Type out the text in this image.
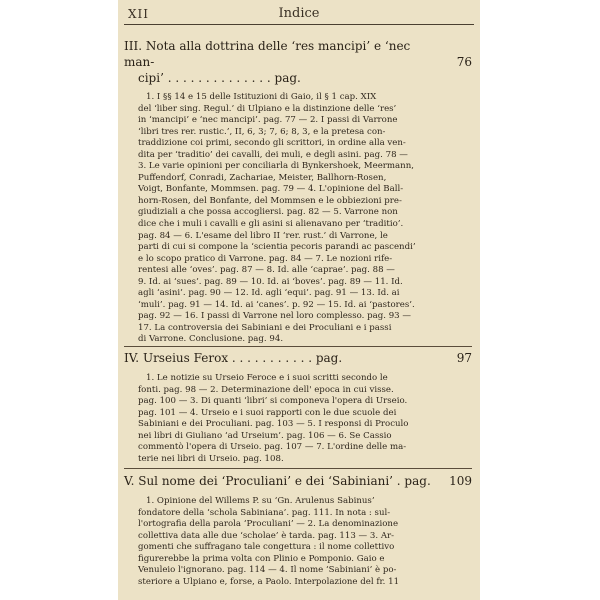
XII	Indice
III. Nota alla dottrina delle ‘res mancipi’ e ‘nec man-
cipi’ . . . . . . . . . . . . . . pag.
76
1. I §§ 14 e 15 delle Istituzioni di Gaio, il § 1 cap. XIX
del ‘liber sing. Regul.’ di Ulpiano e la distinzione delle ‘res’
in ‘mancipi’ e ‘nec mancipi’. pag. 77 — 2. I passi di Varrone
‘libri tres rer. rustic.’, II, 6, 3; 7, 6; 8, 3, e la pretesa con-
traddizione coi primi, secondo gli scrittori, in ordine alla ven-
dita per ‘traditio’ dei cavalli, dei muli, e degli asini. pag. 78 —
3. Le varie opinioni per conciliarla di Bynkershoek, Meermann,
Puffendorf, Conradi, Zachariae, Meister, Ballhorn-Rosen,
Voigt, Bonfante, Mommsen. pag. 79 — 4. L'opinione del Ball-
horn-Rosen, del Bonfante, del Mommsen e le obbiezioni pre-
giudiziali a che possa accogliersi. pag. 82 — 5. Varrone non
dice che i muli i cavalli e gli asini si alienavano per ‘traditio’.
pag. 84 — 6. L'esame del libro II ‘rer. rust.’ di Varrone, le
parti di cui si compone la ‘scientia pecoris parandi ac pascendi’
e lo scopo pratico di Varrone. pag. 84 — 7. Le nozioni rife-
rentesi alle ‘oves’. pag. 87 — 8. Id. alle ‘caprae’. pag. 88 —
9. Id. ai ‘sues’. pag. 89 — 10. Id. ai ‘boves’. pag. 89 — 11. Id.
agli ‘asini’. pag. 90 — 12. Id. agli ‘equi’. pag. 91 — 13. Id. ai
‘muli’. pag. 91 — 14. Id. ai ‘canes’. p. 92 — 15. Id. ai ‘pastores’.
pag. 92 — 16. I passi di Varrone nel loro complesso. pag. 93 —
17. La controversia dei Sabiniani e dei Proculiani e i passi
di Varrone. Conclusione. pag. 94.
IV. Urseius Ferox . . . . . . . . . . . pag.	97
1. Le notizie su Urseio Feroce e i suoi scritti secondo le
fonti. pag. 98 — 2. Determinazione dell' epoca in cui visse.
pag. 100 — 3. Di quanti ‘libri’ si componeva l'opera di Urseio.
pag. 101 — 4. Urseio e i suoi rapporti con le due scuole dei
Sabiniani e dei Proculiani. pag. 103 — 5. I responsi di Proculo
nei libri di Giuliano ‘ad Urseium’. pag. 106 — 6. Se Cassio
commentò l'opera di Urseio. pag. 107 — 7. L'ordine delle ma-
terie nei libri di Urseio. pag. 108.
V. Sul nome dei ‘Proculiani’ e dei ‘Sabiniani’ . pag. 109
1. Opinione del Willems P. su ‘Gn. Arulenus Sabinus’
fondatore della ‘schola Sabiniana’. pag. 111. In nota : sul-
l'ortografia della parola ‘Proculiani’ — 2. La denominazione
collettiva data alle due ‘scholae’ è tarda. pag. 113 — 3. Ar-
gomenti che suffragano tale congettura : il nome collettivo
figurerebbe la prima volta con Plinio e Pomponio. Gaio e
Venuleio l'ignorano. pag. 114 — 4. Il nome ‘Sabiniani’ è po-
steriore a Ulpiano e, forse, a Paolo. Interpolazione del fr. 11
